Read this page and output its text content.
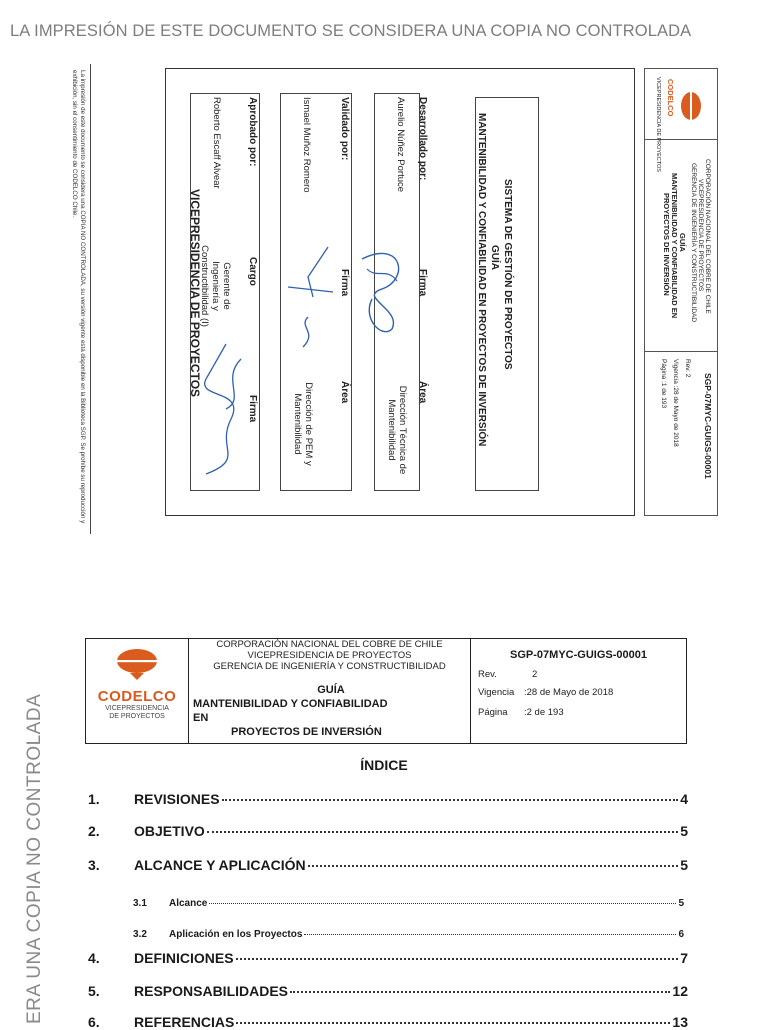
LA IMPRESIÓN DE ESTE DOCUMENTO SE CONSIDERA UNA COPIA NO CONTROLADA
ERA UNA COPIA NO CONTROLADA
La impresión de este documento se considera una COPIA NO CONTROLADA, su versión vigente está disponible en la Biblioteca SGP. Se prohíbe su reproducción y exhibición, sin el consentimiento de CODELCO Chile.
VICEPRESIDENCIA DE PROYECTOS	SISTEMA DE GESTIÓN DE PROYECTOS
GUÍA
MANTENIBILIDAD Y CONFIABILIDAD EN PROYECTOS DE INVERSIÓN
Desarrollado por:
Aurelio Núñez Portuce
Firma
Área
Dirección Técnica de Mantenibilidad
Validado por:
Ismael Muñoz Romero
Firma
Área
Dirección de PEM y Mantenibilidad
Aprobado por:
Roberto Escaff Alvear
Cargo
Gerente de Ingeniería y Constructibilidad (I)
Firma
CODELCO
VICEPRESIDENCIA DE PROYECTOS
CORPORACIÓN NACIONAL DEL COBRE DE CHILE
VICEPRESIDENCIA DE PROYECTOS
GERENCIA DE INGENIERÍA Y CONSTRUCTIBILIDAD
GUÍA
MANTENIBILIDAD Y CONFIABILIDAD EN
PROYECTOS DE INVERSIÓN
SGP-07MYC-GUIGS-00001
Rev. 2
Vigencia :28 de Mayo de 2018
Página :1 de 193
CODELCO
VICEPRESIDENCIA
DE PROYECTOS
CORPORACIÓN NACIONAL DEL COBRE DE CHILE
VICEPRESIDENCIA DE PROYECTOS
GERENCIA DE INGENIERÍA Y CONSTRUCTIBILIDAD
GUÍA
MANTENIBILIDAD Y CONFIABILIDAD
EN
PROYECTOS DE INVERSIÓN
SGP-07MYC-GUIGS-00001
Rev.	2
Vigencia :28 de Mayo de 2018
Página :2 de 193
ÍNDICE
1.	REVISIONES	4
2.	OBJETIVO	5
3.	ALCANCE Y APLICACIÓN	5
3.1	Alcance	5
3.2	Aplicación en los Proyectos	6
4.	DEFINICIONES	7
5.	RESPONSABILIDADES	12
6.	REFERENCIAS	13
